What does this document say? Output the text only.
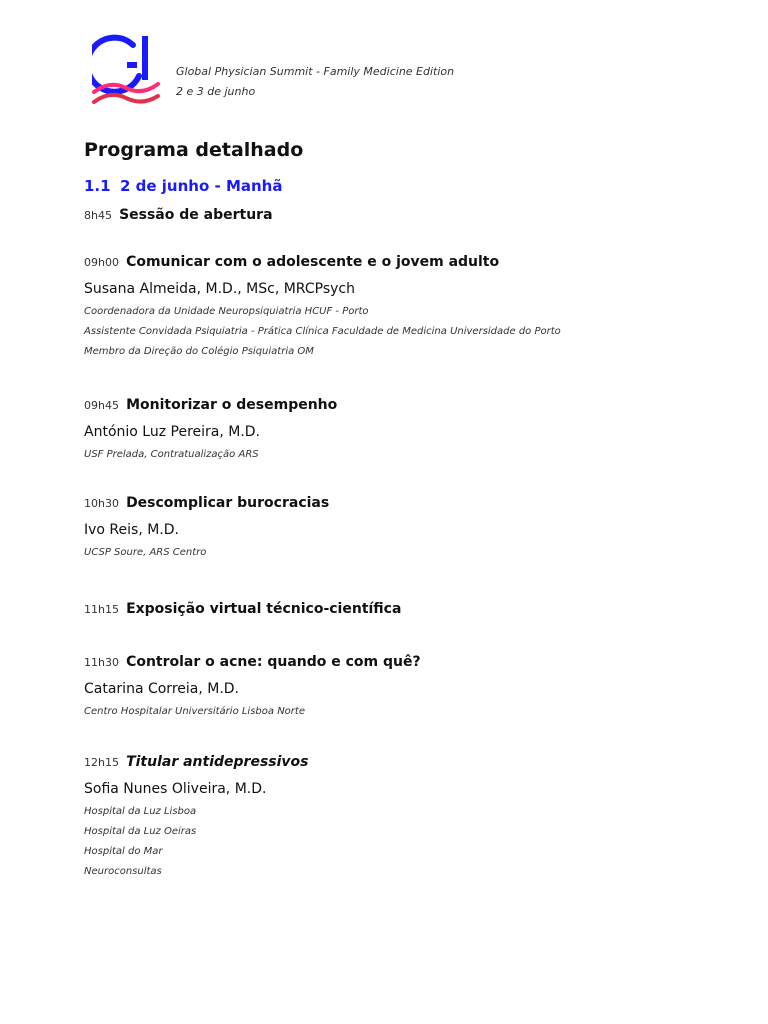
Global Physician Summit - Family Medicine Edition
2 e 3 de junho
Programa detalhado
1.1 2 de junho - Manhã
8h45 Sessão de abertura
09h00 Comunicar com o adolescente e o jovem adulto
Susana Almeida, M.D., MSc, MRCPsych
Coordenadora da Unidade Neuropsiquiatria HCUF - Porto
Assistente Convidada Psiquiatria - Prática Clínica Faculdade de Medicina Universidade do Porto
Membro da Direção do Colégio Psiquiatria OM
09h45 Monitorizar o desempenho
António Luz Pereira, M.D.
USF Prelada, Contratualização ARS
10h30 Descomplicar burocracias
Ivo Reis, M.D.
UCSP Soure, ARS Centro
11h15 Exposição virtual técnico-científica
11h30 Controlar o acne: quando e com quê?
Catarina Correia, M.D.
Centro Hospitalar Universitário Lisboa Norte
12h15 Titular antidepressivos
Sofia Nunes Oliveira, M.D.
Hospital da Luz Lisboa
Hospital da Luz Oeiras
Hospital do Mar
Neuroconsultas
